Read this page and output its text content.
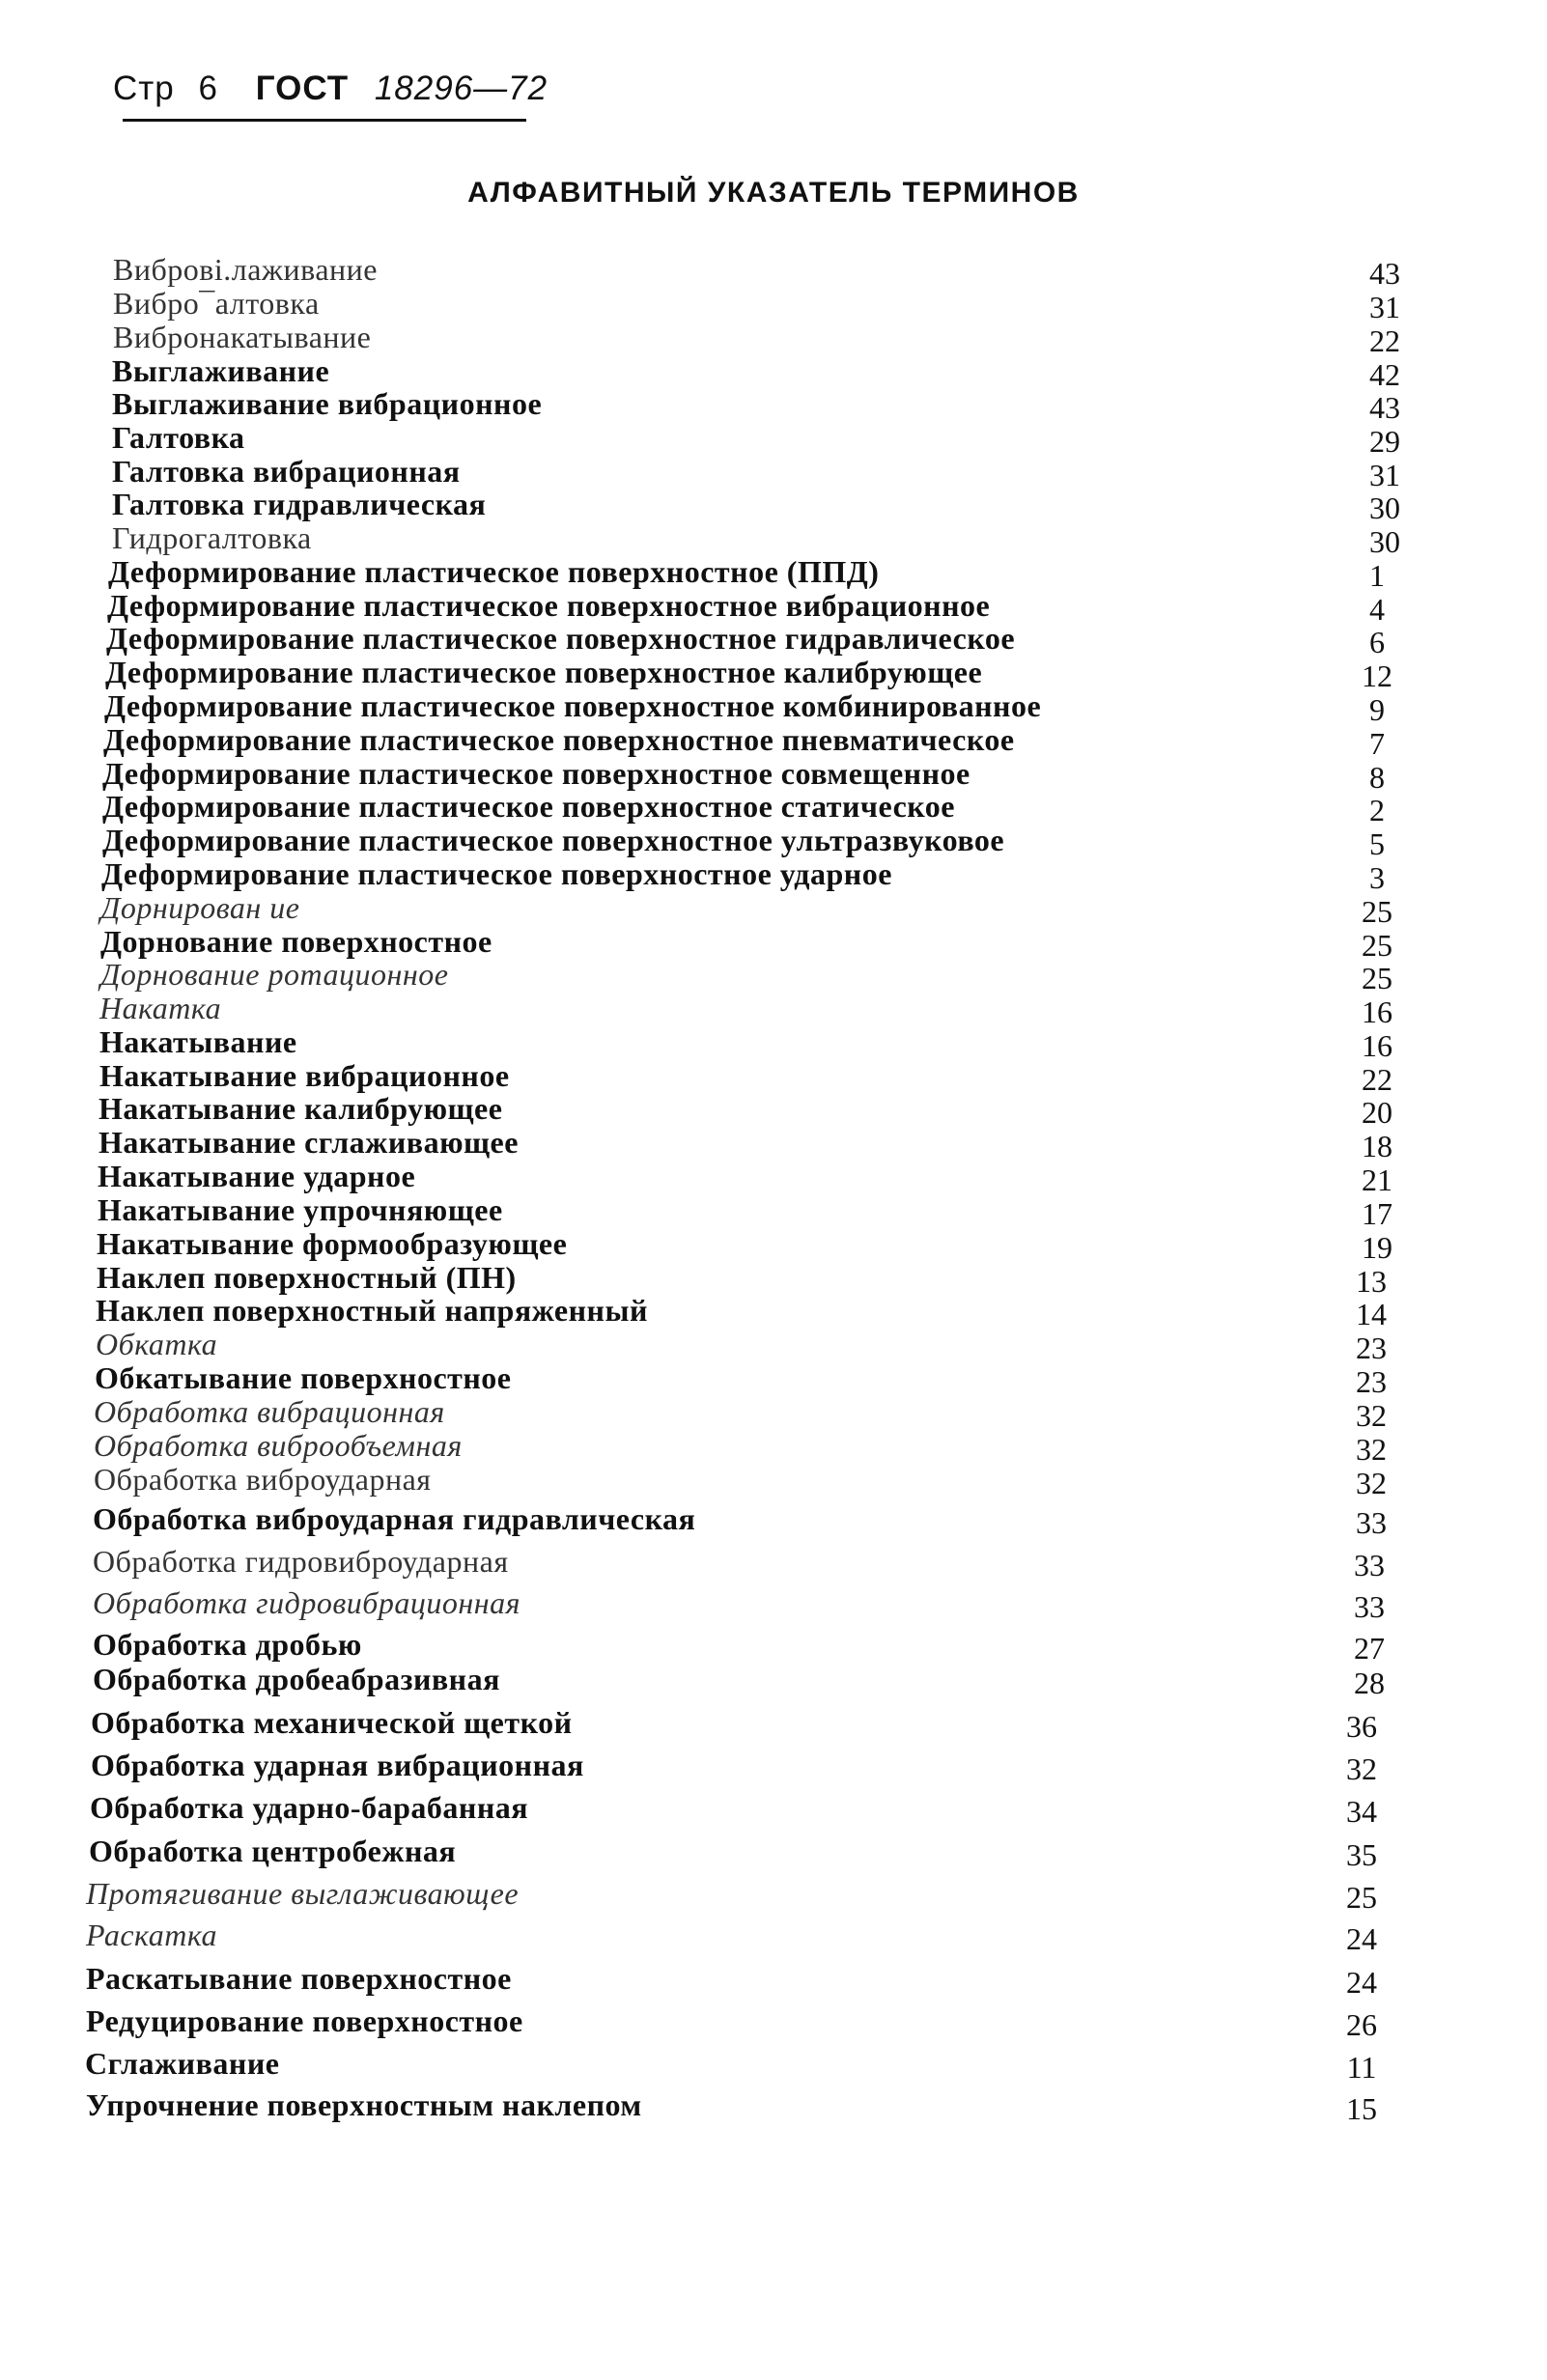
Стр 6 ГОСТ 18296—72
АЛФАВИТНЫЙ УКАЗАТЕЛЬ ТЕРМИНОВ
Виброві.лаживание	43
Вибро¯алтовка	31
Вибронакатывание	22
Выглаживание	42
Выглаживание вибрационное	43
Галтовка	29
Галтовка вибрационная	31
Галтовка гидравлическая	30
Гидрогалтовка	30
Деформирование пластическое поверхностное (ППД)	1
Деформирование пластическое поверхностное вибрационное	4
Деформирование пластическое поверхностное гидравлическое	6
Деформирование пластическое поверхностное калибрующее	12
Деформирование пластическое поверхностное комбинированное	9
Деформирование пластическое поверхностное пневматическое	7
Деформирование пластическое поверхностное совмещенное	8
Деформирование пластическое поверхностное статическое	2
Деформирование пластическое поверхностное ультразвуковое	5
Деформирование пластическое поверхностное ударное	3
Дорнирован ие	25
Дорнование поверхностное	25
Дорнование ротационное	25
Накатка	16
Накатывание	16
Накатывание вибрационное	22
Накатывание калибрующее	20
Накатывание сглаживающее	18
Накатывание ударное	21
Накатывание упрочняющее	17
Накатывание формообразующее	19
Наклеп поверхностный (ПН)	13
Наклеп поверхностный напряженный	14
Обкатка	23
Обкатывание поверхностное	23
Обработка вибрационная	32
Обработка виброобъемная	32
Обработка виброударная	32
Обработка виброударная гидравлическая	33
Обработка гидровиброударная	33
Обработка гидровибрационная	33
Обработка дробью	27
Обработка дробеабразивная	28
Обработка механической щеткой	36
Обработка ударная вибрационная	32
Обработка ударно-барабанная	34
Обработка центробежная	35
Протягивание выглаживающее	25
Раскатка	24
Раскатывание поверхностное	24
Редуцирование поверхностное	26
Сглаживание	11
Упрочнение поверхностным наклепом	15
